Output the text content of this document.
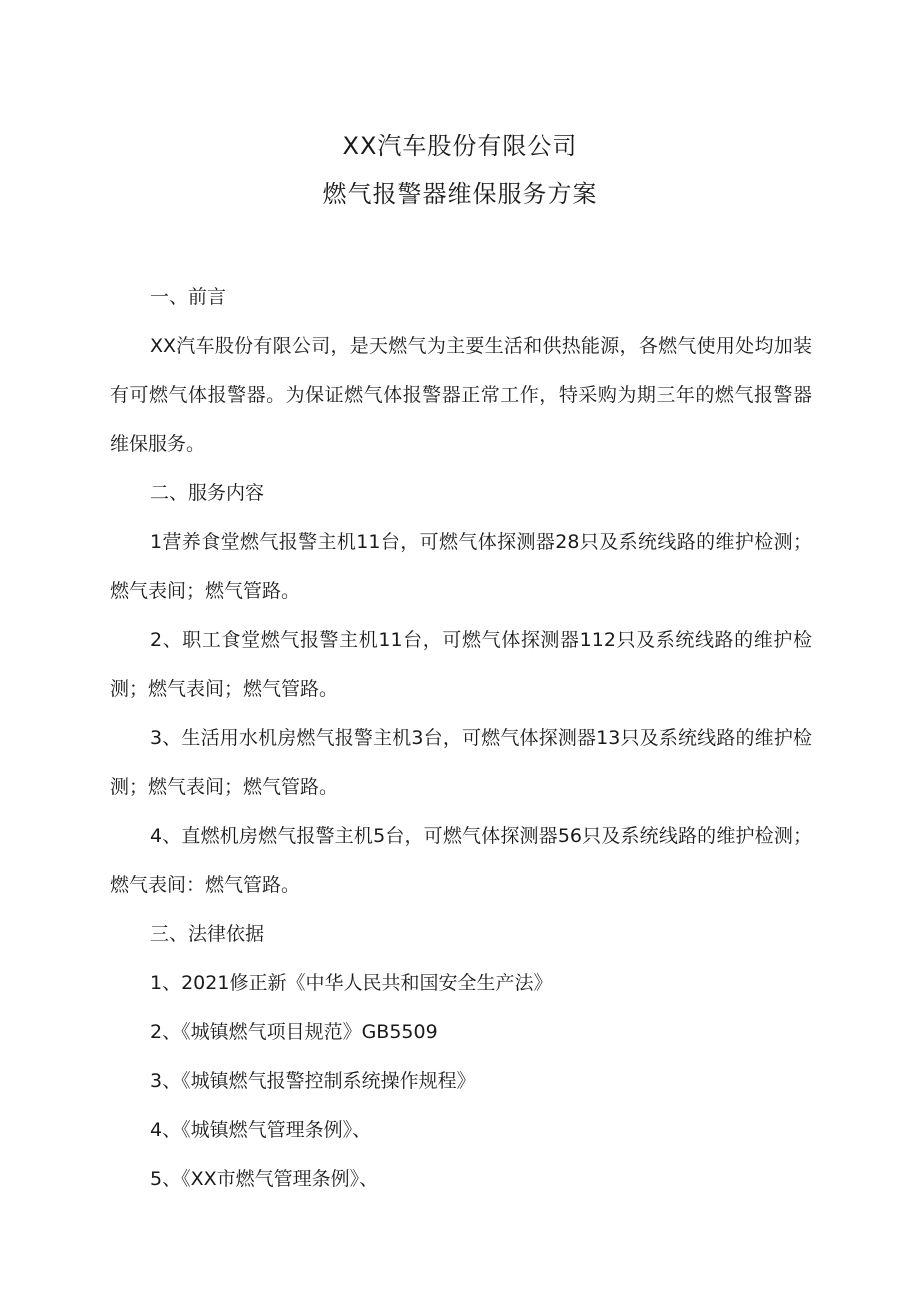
XX汽车股份有限公司
燃气报警器维保服务方案

一、前言

XX汽车股份有限公司，是天燃气为主要生活和供热能源，各燃气使用处均加装有可燃气体报警器。为保证燃气体报警器正常工作，特采购为期三年的燃气报警器维保服务。

二、服务内容

1营养食堂燃气报警主机11台，可燃气体探测器28只及系统线路的维护检测；燃气表间；燃气管路。

2、职工食堂燃气报警主机11台，可燃气体探测器112只及系统线路的维护检测；燃气表间；燃气管路。

3、生活用水机房燃气报警主机3台，可燃气体探测器13只及系统线路的维护检测；燃气表间；燃气管路。

4、直燃机房燃气报警主机5台，可燃气体探测器56只及系统线路的维护检测；燃气表间：燃气管路。

三、法律依据

1、2021修正新《中华人民共和国安全生产法》

2、《城镇燃气项目规范》GB5509

3、《城镇燃气报警控制系统操作规程》

4、《城镇燃气管理条例》、

5、《XX市燃气管理条例》、
